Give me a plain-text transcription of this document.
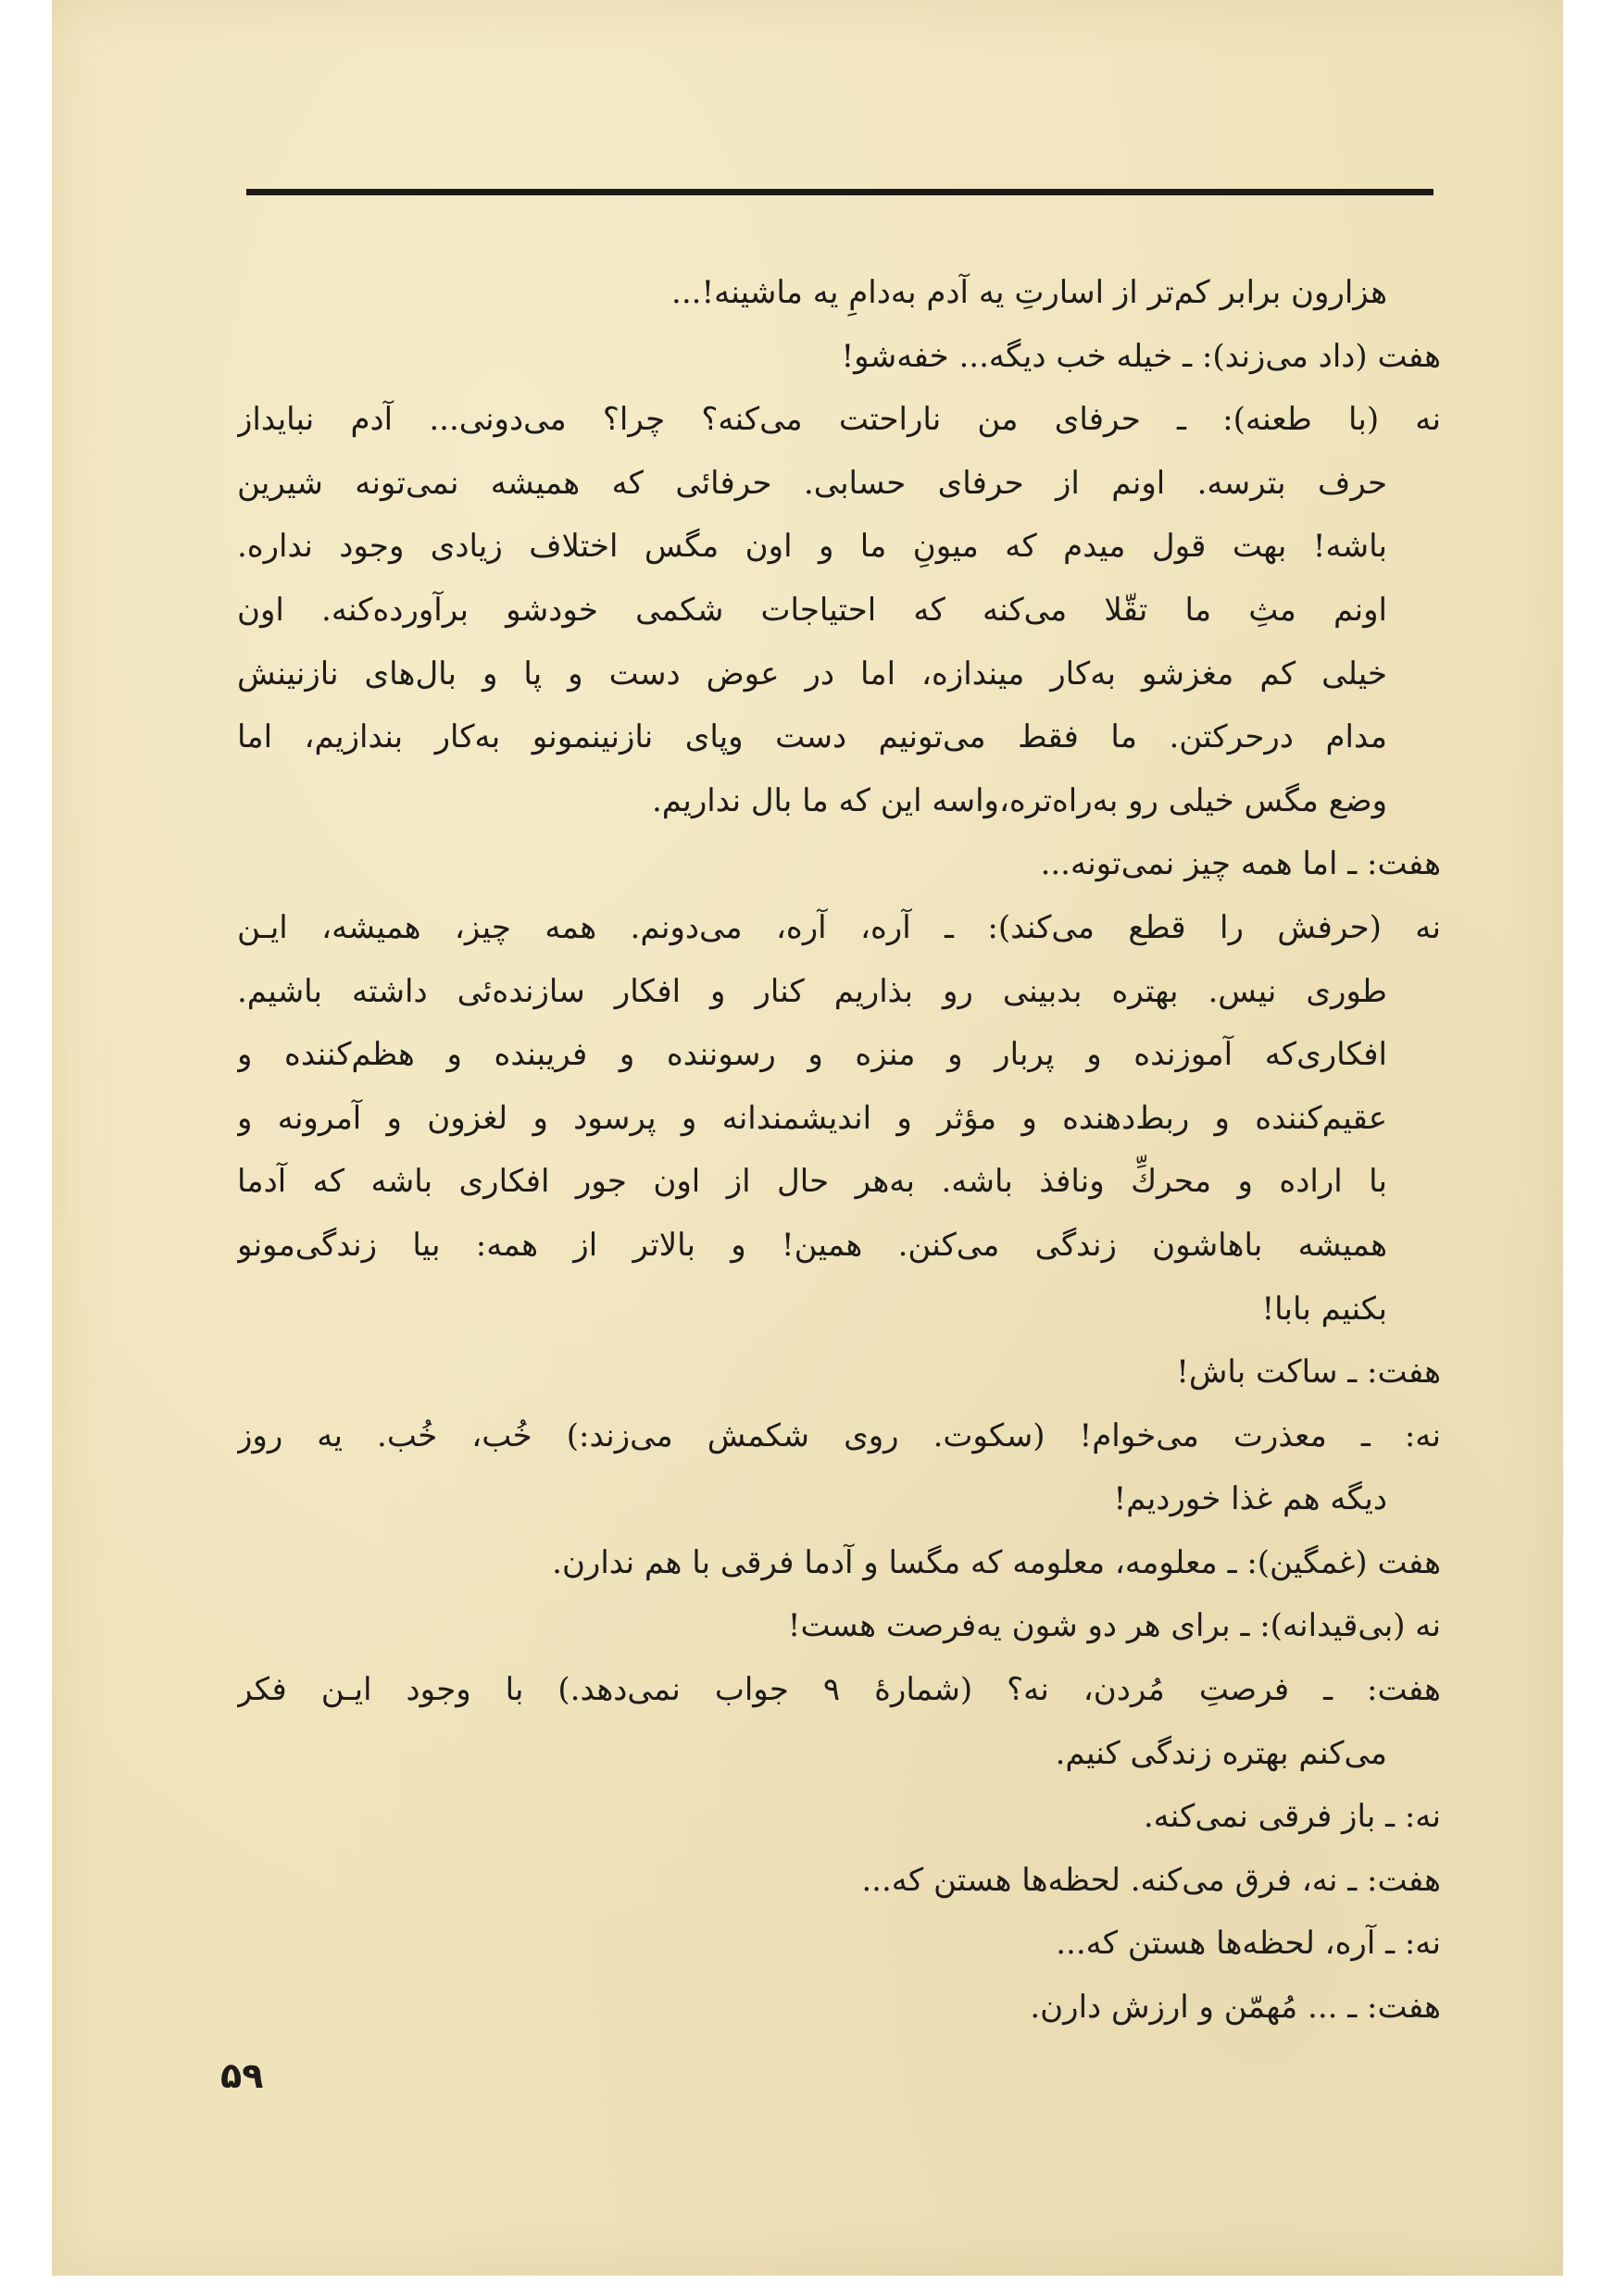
هزارون برابر کم‌تر از اسارتِ یه آدم به‌دامِ یه ماشینه!...
هفت (داد می‌زند): ـ خیله خب دیگه... خفه‌شو!
نه (با طعنه): ـ حرفای من ناراحتت می‌کنه؟ چرا؟ می‌دونی... آدم نبایداز
حرف بترسه. اونم از حرفای حسابی. حرفائی که همیشه نمی‌تونه شیرین
باشه! بهت قول میدم که میونِ ما و اون مگس اختلاف زیادی وجود نداره.
اونم مثِ ما تقّلا می‌کنه که احتیاجات شکمی خودشو برآورده‌کنه. اون
خیلی کم مغزشو به‌کار میندازه، اما در عوض دست و پا و بال‌های نازنینش
مدام درحرکتن. ما فقط می‌تونیم دست وپای نازنینمونو به‌کار بندازیم، اما
وضع مگس خیلی رو به‌راه‌تره،واسه این که ما بال نداریم.
هفت: ـ اما همه چیز نمی‌تونه...
نه (حرفش را قطع می‌کند): ـ آره، آره، می‌دونم. همه چیز، همیشه، ایـن
طوری نیس. بهتره بدبینی رو بذاریم کنار و افکار سازنده‌ئی داشته باشیم.
افکاری‌که آموزنده و پربار و منزه و رسوننده و فریبنده و هظم‌کننده و
عقیم‌کننده و ربط‌دهنده و مؤثر و اندیشمندانه و پرسود و لغزون و آمرونه و
با اراده و محركِّ ونافذ باشه. به‌هر حال از اون جور افکاری باشه که آدما
همیشه باهاشون زندگی می‌کنن. همین! و بالاتر از همه: بیا زندگی‌مونو
بکنیم بابا!
هفت: ـ ساکت باش!
نه: ـ معذرت می‌خوام! (سکوت. روی شکمش می‌زند:) خُب، خُب. یه روز
دیگه هم غذا خوردیم!
هفت (غمگین): ـ معلومه، معلومه که مگسا و آدما فرقی با هم ندارن.
نه (بی‌قیدانه): ـ برای هر دو شون یه‌فرصت هست!
هفت: ـ فرصتِ مُردن، نه؟ (شمارهٔ ۹ جواب نمی‌دهد.) با وجود ایـن فکر
می‌کنم بهتره زندگی کنیم.
نه: ـ باز فرقی نمی‌کنه.
هفت: ـ نه، فرق می‌کنه. لحظه‌ها هستن که...
نه: ـ آره، لحظه‌ها هستن که...
هفت: ـ ... مُهمّن و ارزش دارن.
۵۹
